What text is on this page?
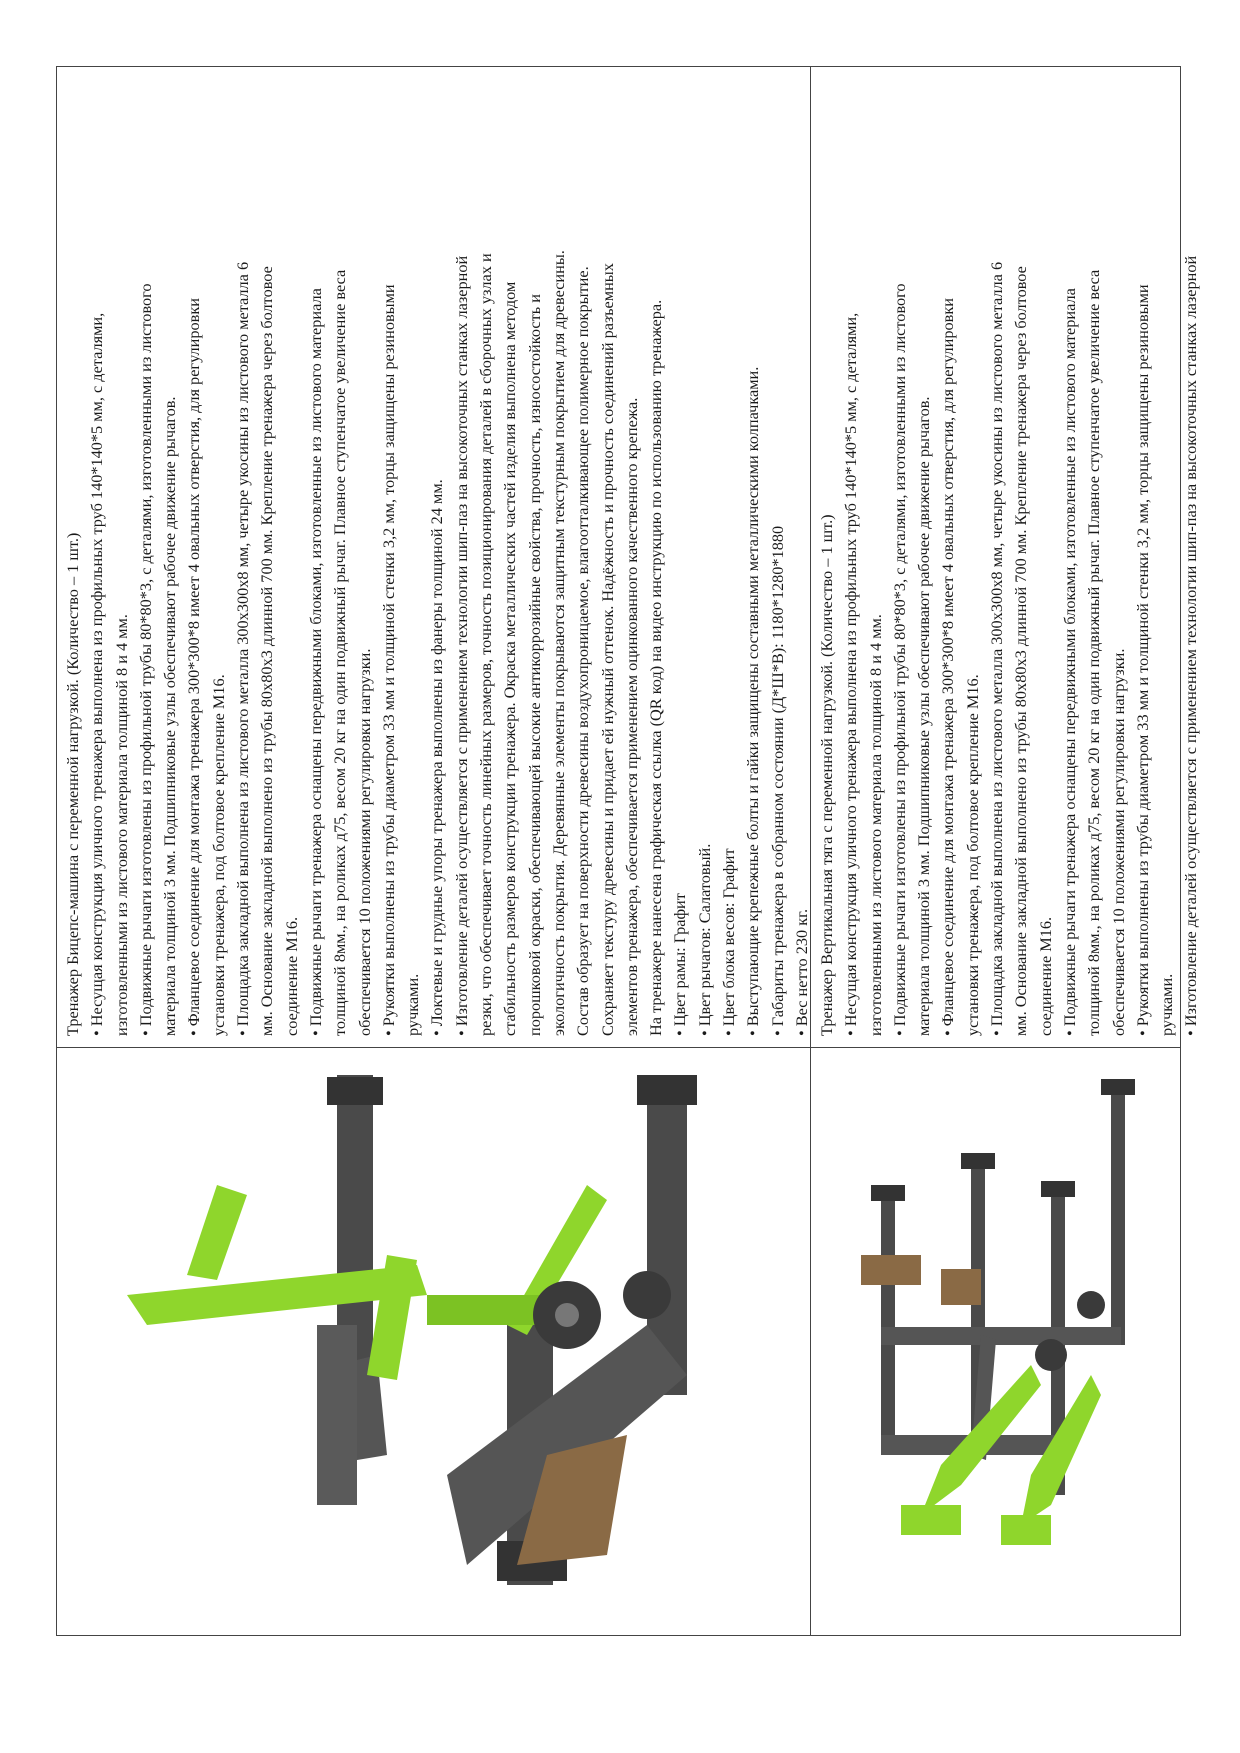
Тренажер Бицепс-машина с переменной нагрузкой. (Количество – 1 шт.) • Несущая конструкция уличного тренажера выполнена из профильных труб 140*140*5 мм, с деталями, изготовленными из листового материала толщиной 8 и 4 мм. • Подвижные рычаги изготовлены из профильной трубы 80*80*3, с деталями, изготовленными из листового материала толщиной 3 мм. Подшипниковые узлы обеспечивают рабочее движение рычагов. • Фланцевое соединение для монтажа тренажера 300*300*8 имеет 4 овальных отверстия, для регулировки установки тренажера, под болтовое крепление М16. • Площадка закладной выполнена из листового металла 300х300х8 мм, четыре укосины из листового металла 6 мм. Основание закладной выполнено из трубы 80х80х3 длинной 700 мм. Крепление тренажера через болтовое соединение М16. • Подвижные рычаги тренажера оснащены передвижными блоками, изготовленные из листового материала толщиной 8мм., на роликах д75, весом 20 кг на один подвижный рычаг. Плавное ступенчатое увеличение веса обеспечивается 10 положениями регулировки нагрузки. • Рукоятки выполнены из трубы диаметром 33 мм и толщиной стенки 3,2 мм, торцы защищены резиновыми ручками. • Локтевые и грудные упоры тренажера выполнены из фанеры толщиной 24 мм. • Изготовление деталей осуществляется с применением технологии шип-паз на высокоточных станках лазерной резки, что обеспечивает точность линейных размеров, точность позиционирования деталей в сборочных узлах и стабильность размеров конструкции тренажера. Окраска металлических частей изделия выполнена методом порошковой окраски, обеспечивающей высокие антикоррозийные свойства, прочность, износостойкость и экологичность покрытия. Деревянные элементы покрываются защитным текстурным покрытием для древесины. Состав образует на поверхности древесины воздухопроницаемое, влагоотталкивающее полимерное покрытие. Сохраняет текстуру древесины и придает ей нужный оттенок. Надёжность и прочность соединений разъемных элементов тренажера, обеспечивается применением оцинкованного качественного крепежа. На тренажере нанесена графическая ссылка (QR код) на видео инструкцию по использованию тренажера. • Цвет рамы: Графит • Цвет рычагов: Салатовый. • Цвет блока весов: Графит • Выступающие крепежные болты и гайки защищены составными металлическими колпачками. • Габариты тренажера в собранном состоянии (Д*Ш*В): 1180*1280*1880 • Вес нетто 230 кг. Тренажер Вертикальная тяга с переменной нагрузкой. (Количество – 1 шт.) • Несущая конструкция уличного тренажера выполнена из профильных труб 140*140*5 мм, с деталями, изготовленными из листового материала толщиной 8 и 4 мм. • Подвижные рычаги изготовлены из профильной трубы 80*80*3, с деталями, изготовленными из листового материала толщиной 3 мм. Подшипниковые узлы обеспечивают рабочее движение рычагов. • Фланцевое соединение для монтажа тренажера 300*300*8 имеет 4 овальных отверстия, для регулировки установки тренажера, под болтовое крепление М16. • Площадка закладной выполнена из листового металла 300х300х8 мм, четыре укосины из листового металла 6 мм. Основание закладной выполнено из трубы 80х80х3 длинной 700 мм. Крепление тренажера через болтовое соединение М16. • Подвижные рычаги тренажера оснащены передвижными блоками, изготовленные из листового материала толщиной 8мм., на роликах д75, весом 20 кг на один подвижный рычаг. Плавное ступенчатое увеличение веса обеспечивается 10 положениями регулировки нагрузки. • Рукоятки выполнены из трубы диаметром 33 мм и толщиной стенки 3,2 мм, торцы защищены резиновыми ручками. • Изготовление деталей осуществляется с применением технологии шип-паз на высокоточных станках лазерной
